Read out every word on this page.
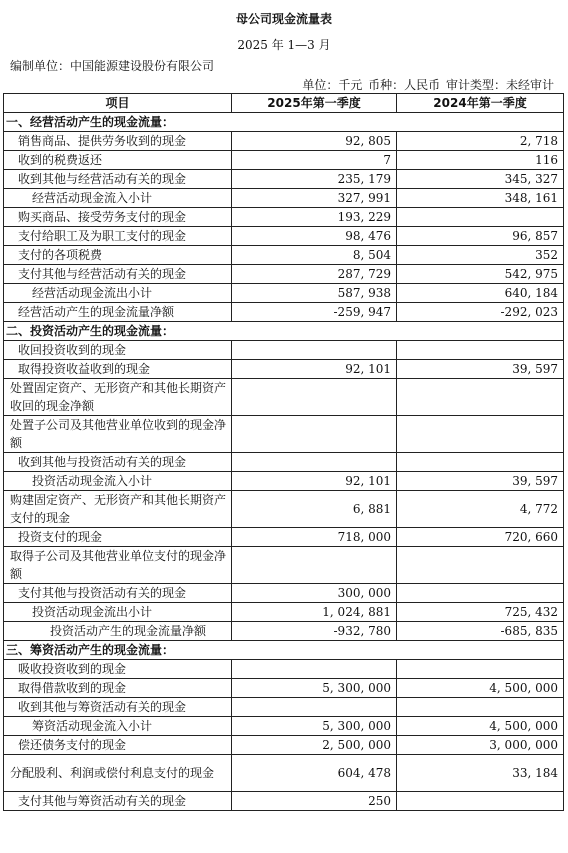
母公司现金流量表
2025 年 1—3 月
编制单位：中国能源建设股份有限公司
单位：千元 币种：人民币 审计类型：未经审计
项目	2025年第一季度	2024年第一季度
一、经营活动产生的现金流量：		
销售商品、提供劳务收到的现金	92, 805	2, 718
收到的税费返还	7	116
收到其他与经营活动有关的现金	235, 179	345, 327
经营活动现金流入小计	327, 991	348, 161
购买商品、接受劳务支付的现金	193, 229	
支付给职工及为职工支付的现金	98, 476	96, 857
支付的各项税费	8, 504	352
支付其他与经营活动有关的现金	287, 729	542, 975
经营活动现金流出小计	587, 938	640, 184
经营活动产生的现金流量净额	-259, 947	-292, 023
二、投资活动产生的现金流量：		
收回投资收到的现金		
取得投资收益收到的现金	92, 101	39, 597
处置固定资产、无形资产和其他长期资产收回的现金净额		
处置子公司及其他营业单位收到的现金净额		
收到其他与投资活动有关的现金		
投资活动现金流入小计	92, 101	39, 597
购建固定资产、无形资产和其他长期资产支付的现金	6, 881	4, 772
投资支付的现金	718, 000	720, 660
取得子公司及其他营业单位支付的现金净额		
支付其他与投资活动有关的现金	300, 000	
投资活动现金流出小计	1, 024, 881	725, 432
投资活动产生的现金流量净额	-932, 780	-685, 835
三、筹资活动产生的现金流量：		
吸收投资收到的现金		
取得借款收到的现金	5, 300, 000	4, 500, 000
收到其他与筹资活动有关的现金		
筹资活动现金流入小计	5, 300, 000	4, 500, 000
偿还债务支付的现金	2, 500, 000	3, 000, 000
分配股利、利润或偿付利息支付的现金	604, 478	33, 184
支付其他与筹资活动有关的现金	250	
